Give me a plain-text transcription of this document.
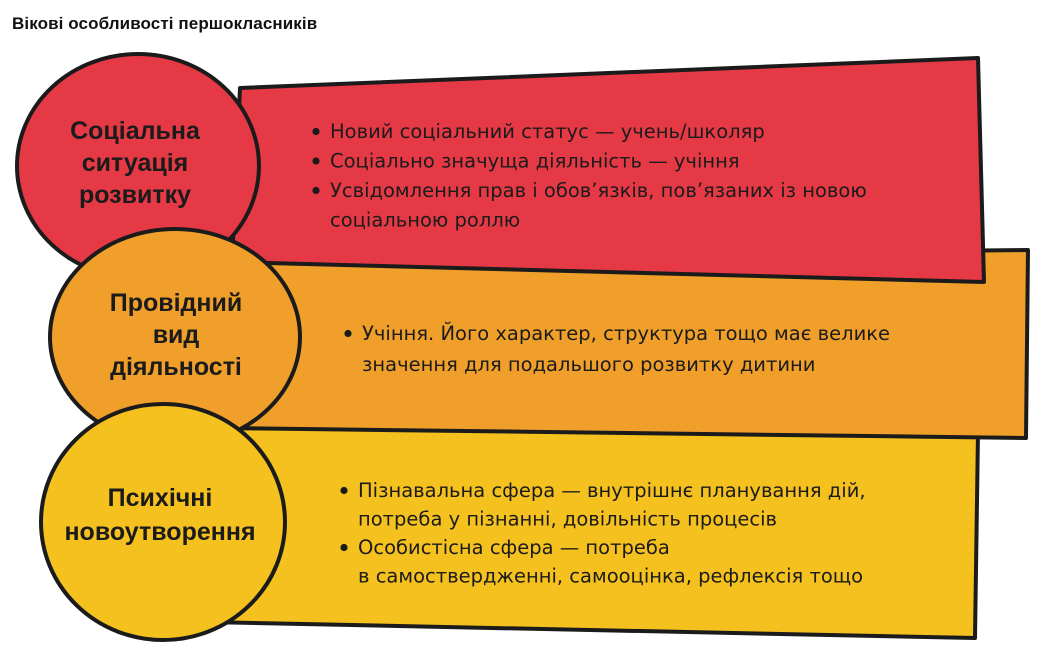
Вікові особливості першокласників
Соціальна
ситуація
розвитку
Провідний
вид
діяльності
Психічні
новоутворення
Новий соціальний статус — учень/школяр
Соціально значуща діяльність — учіння
Усвідомлення прав і обов’язків, пов’язаних із новою
соціальною роллю
Учіння. Його характер, структура тощо має велике
значення для подальшого розвитку дитини
Пізнавальна сфера — внутрішнє планування дій,
потреба у пізнанні, довільність процесів
Особистісна сфера — потреба
в самоствердженні, самооцінка, рефлексія тощо
